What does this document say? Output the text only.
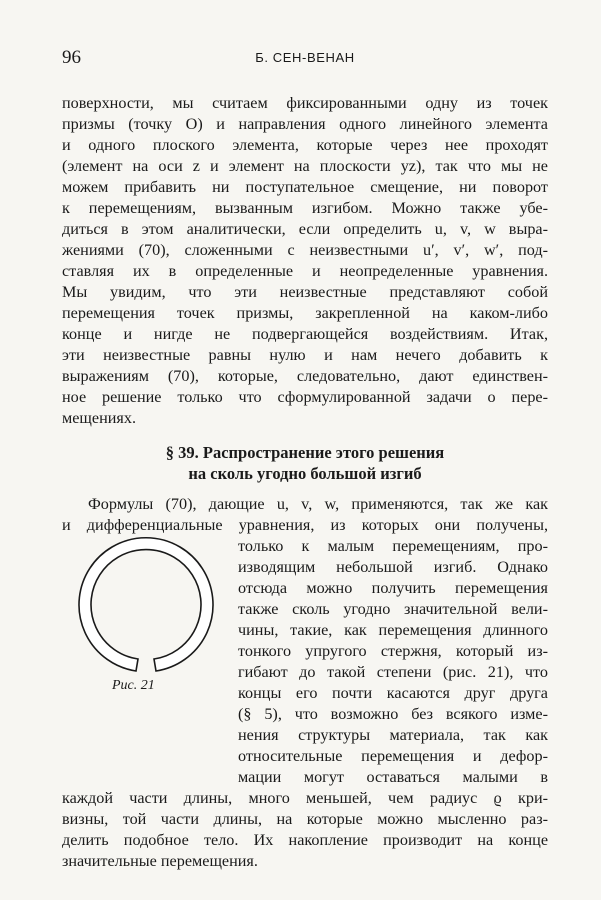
96	Б. СЕН-ВЕНАН
поверхности, мы считаем фиксированными одну из точек
призмы (точку O) и направления одного линейного элемента
и одного плоского элемента, которые через нее проходят
(элемент на оси z и элемент на плоскости yz), так что мы не
можем прибавить ни поступательное смещение, ни поворот
к перемещениям, вызванным изгибом. Можно также убе-
диться в этом аналитически, если определить u, v, w выра-
жениями (70), сложенными с неизвестными u′, v′, w′, под-
ставляя их в определенные и неопределенные уравнения.
Мы увидим, что эти неизвестные представляют собой
перемещения точек призмы, закрепленной на каком-либо
конце и нигде не подвергающейся воздействиям. Итак,
эти неизвестные равны нулю и нам нечего добавить к
выражениям (70), которые, следовательно, дают единствен-
ное решение только что сформулированной задачи о пере-
мещениях.
§ 39. Распространение этого решения
на сколь угодно большой изгиб
Формулы (70), дающие u, v, w, применяются, так же как
и дифференциальные уравнения, из которых они получены,
только к малым перемещениям, про-
изводящим небольшой изгиб. Однако
отсюда можно получить перемещения
также сколь угодно значительной вели-
чины, такие, как перемещения длинного
тонкого упругого стержня, который из-
гибают до такой степени (рис. 21), что
концы его почти касаются друг друга
(§ 5), что возможно без всякого изме-
нения структуры материала, так как
относительные перемещения и дефор-
мации могут оставаться малыми в
Рис. 21
каждой части длины, много меньшей, чем радиус ϱ кри-
визны, той части длины, на которые можно мысленно раз-
делить подобное тело. Их накопление производит на конце
значительные перемещения.
